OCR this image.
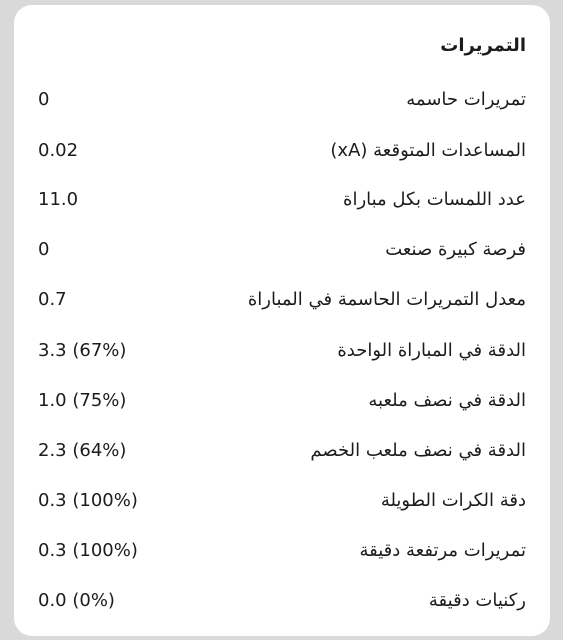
التمريرات
تمريرات حاسمه
0
المساعدات المتوقعة (xA)
0.02
عدد اللمسات بكل مباراة
11.0
فرصة كبيرة صنعت
0
معدل التمريرات الحاسمة في المباراة
0.7
الدقة في المباراة الواحدة
3.3 (67%)
الدقة في نصف ملعبه
1.0 (75%)
الدقة في نصف ملعب الخصم
2.3 (64%)
دقة الكرات الطويلة
0.3 (100%)
تمريرات مرتفعة دقيقة
0.3 (100%)
ركنيات دقيقة
0.0 (0%)
